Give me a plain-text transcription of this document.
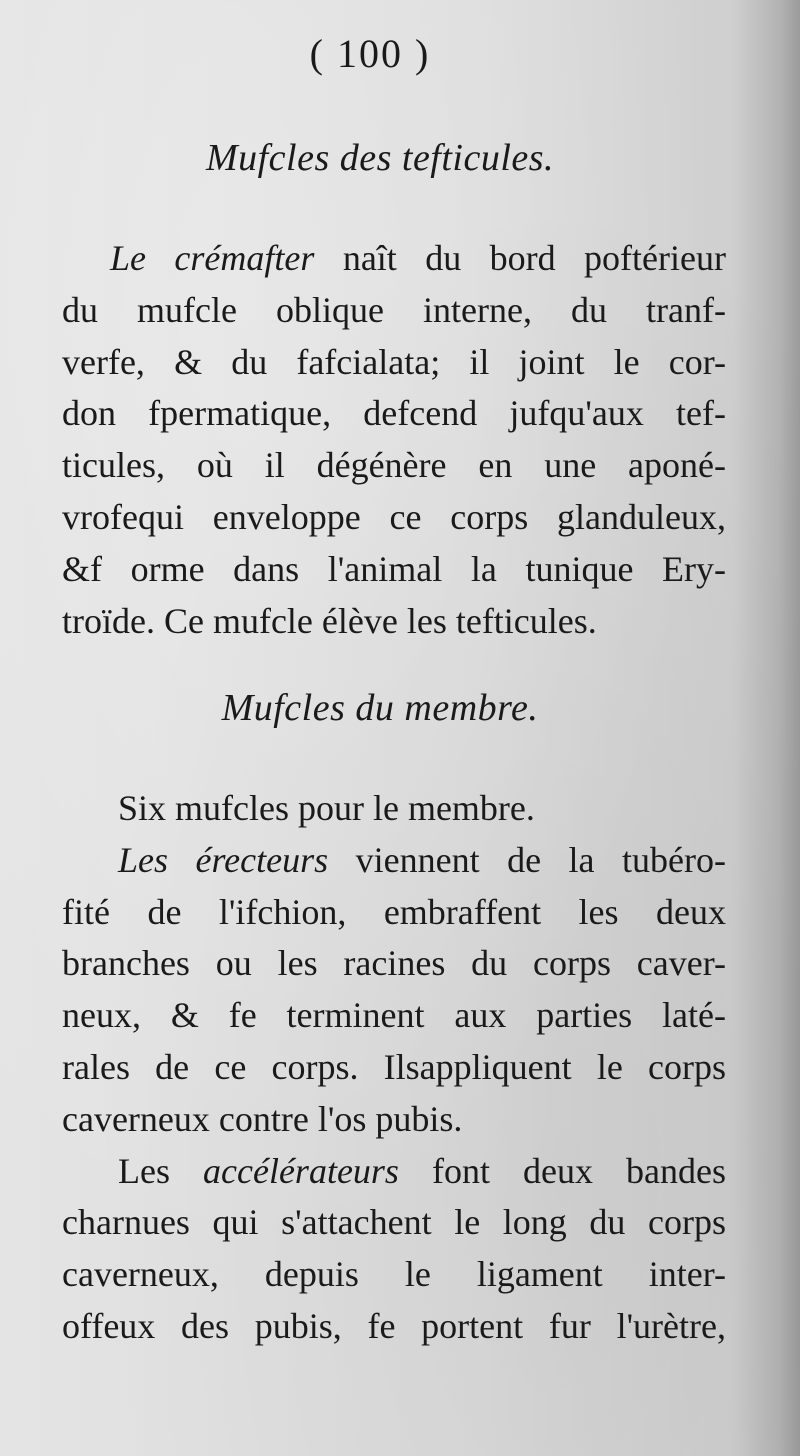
( 100 )
Mufcles des tefticules.
Le crémafter naît du bord poftérieur
du mufcle oblique interne, du tranf-
verfe, & du fafcialata; il joint le cor-
don fpermatique, defcend jufqu'aux tef-
ticules, où il dégénère en une aponé-
vrofequi enveloppe ce corps glanduleux,
&f orme dans l'animal la tunique Ery-
troïde. Ce mufcle élève les tefticules.
Mufcles du membre.
Six mufcles pour le membre.
Les érecteurs viennent de la tubéro-
fité de l'ifchion, embraffent les deux
branches ou les racines du corps caver-
neux, & fe terminent aux parties laté-
rales de ce corps. Ilsappliquent le corps
caverneux contre l'os pubis.
Les accélérateurs font deux bandes
charnues qui s'attachent le long du corps
caverneux, depuis le ligament inter-
offeux des pubis, fe portent fur l'urètre,
